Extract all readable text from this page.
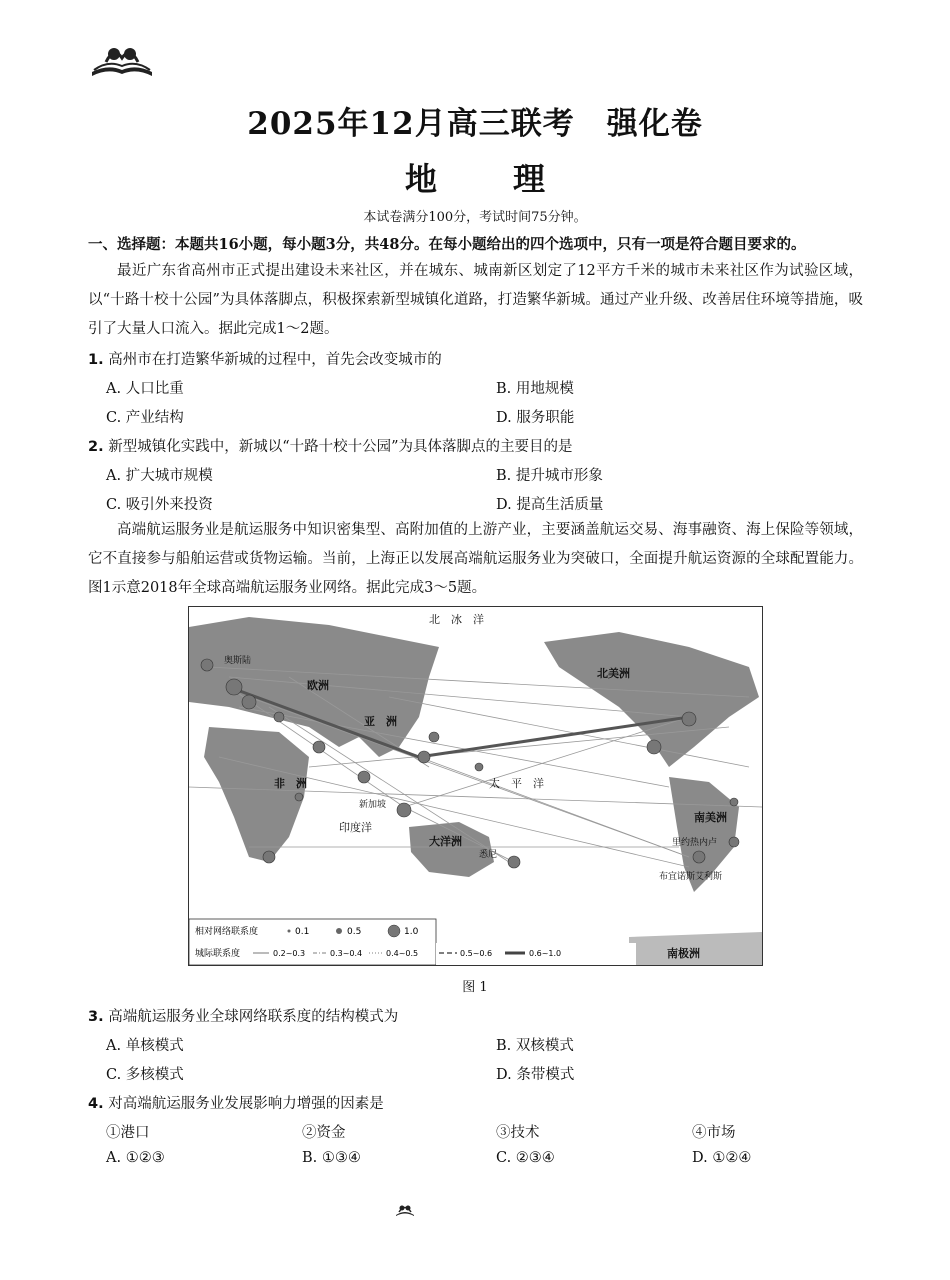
2025年12月高三联考　强化卷
地　理
本试卷满分100分，考试时间75分钟。
一、选择题：本题共16小题，每小题3分，共48分。在每小题给出的四个选项中，只有一项是符合题目要求的。
最近广东省高州市正式提出建设未来社区，并在城东、城南新区划定了12平方千米的城市未来社区作为试验区域，以“十路十校十公园”为具体落脚点，积极探索新型城镇化道路，打造繁华新城。通过产业升级、改善居住环境等措施，吸引了大量人口流入。据此完成1～2题。
1. 高州市在打造繁华新城的过程中，首先会改变城市的
A. 人口比重	B. 用地规模
C. 产业结构	D. 服务职能
2. 新型城镇化实践中，新城以“十路十校十公园”为具体落脚点的主要目的是
A. 扩大城市规模	B. 提升城市形象
C. 吸引外来投资	D. 提高生活质量
高端航运服务业是航运服务中知识密集型、高附加值的上游产业，主要涵盖航运交易、海事融资、海上保险等领域，它不直接参与船舶运营或货物运输。当前，上海正以发展高端航运服务业为突破口，全面提升航运资源的全球配置能力。图1示意2018年全球高端航运服务业网络。据此完成3～5题。
北　冰　洋
北美洲
欧洲
亚　洲
非　洲
印度洋
太　平　洋
大洋洲
南美洲
南极洲
奥斯陆
新加坡
悉尼
里约热内卢
布宜诺斯艾利斯
相对网络联系度	0.1	0.5	1.0
城际联系度	0.2~0.3	0.3~0.4	0.4~0.5	0.5~0.6	0.6~1.0
图 1
3. 高端航运服务业全球网络联系度的结构模式为
A. 单核模式	B. 双核模式
C. 多核模式	D. 条带模式
4. 对高端航运服务业发展影响力增强的因素是
①港口	②资金	③技术	④市场
A. ①②③	B. ①③④	C. ②③④	D. ①②④
